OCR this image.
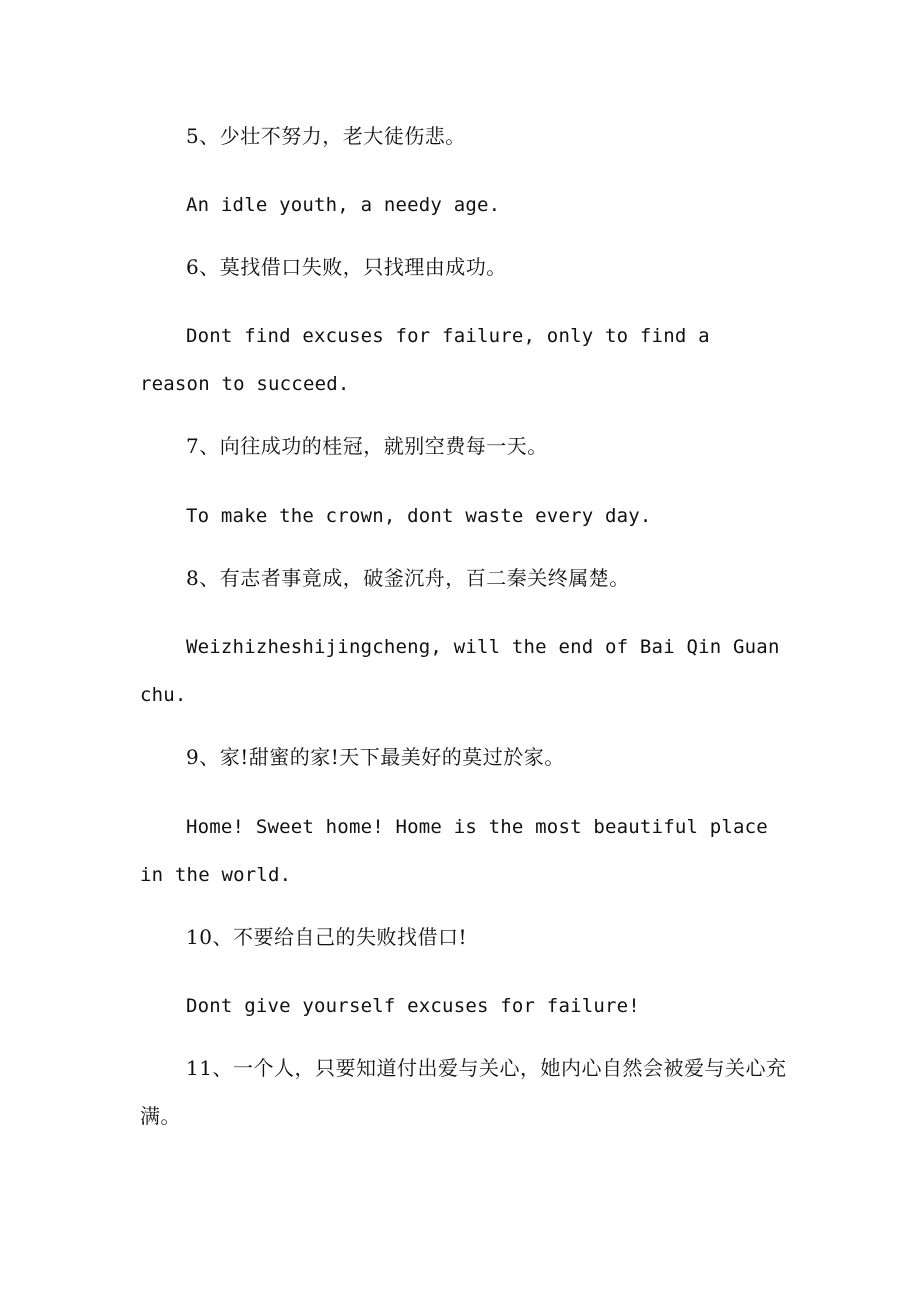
5、少壮不努力，老大徒伤悲。
An idle youth, a needy age.
6、莫找借口失败，只找理由成功。
Dont find excuses for failure, only to find a reason to succeed.
7、向往成功的桂冠，就别空费每一天。
To make the crown, dont waste every day.
8、有志者事竟成，破釜沉舟，百二秦关终属楚。
Weizhizheshijingcheng, will the end of Bai Qin Guan chu.
9、家!甜蜜的家!天下最美好的莫过於家。
Home! Sweet home! Home is the most beautiful place in the world.
10、不要给自己的失败找借口!
Dont give yourself excuses for failure!
11、一个人，只要知道付出爱与关心，她内心自然会被爱与关心充满。
